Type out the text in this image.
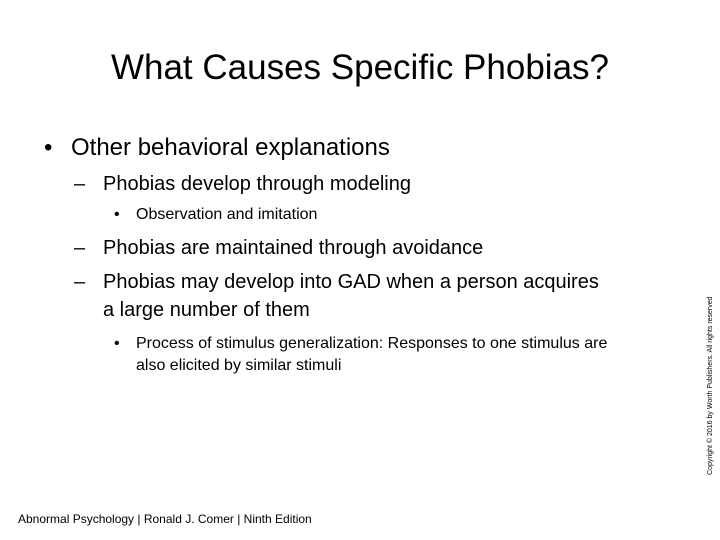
What Causes Specific Phobias?
• Other behavioral explanations
– Phobias develop through modeling
•	Observation and imitation
– Phobias are maintained through avoidance
– Phobias may develop into GAD when a person acquires a large number of them
•	Process of stimulus generalization: Responses to one stimulus are also elicited by similar stimuli
Abnormal Psychology | Ronald J. Comer | Ninth Edition
Copyright © 2016 by Worth Publishers. All rights reserved
